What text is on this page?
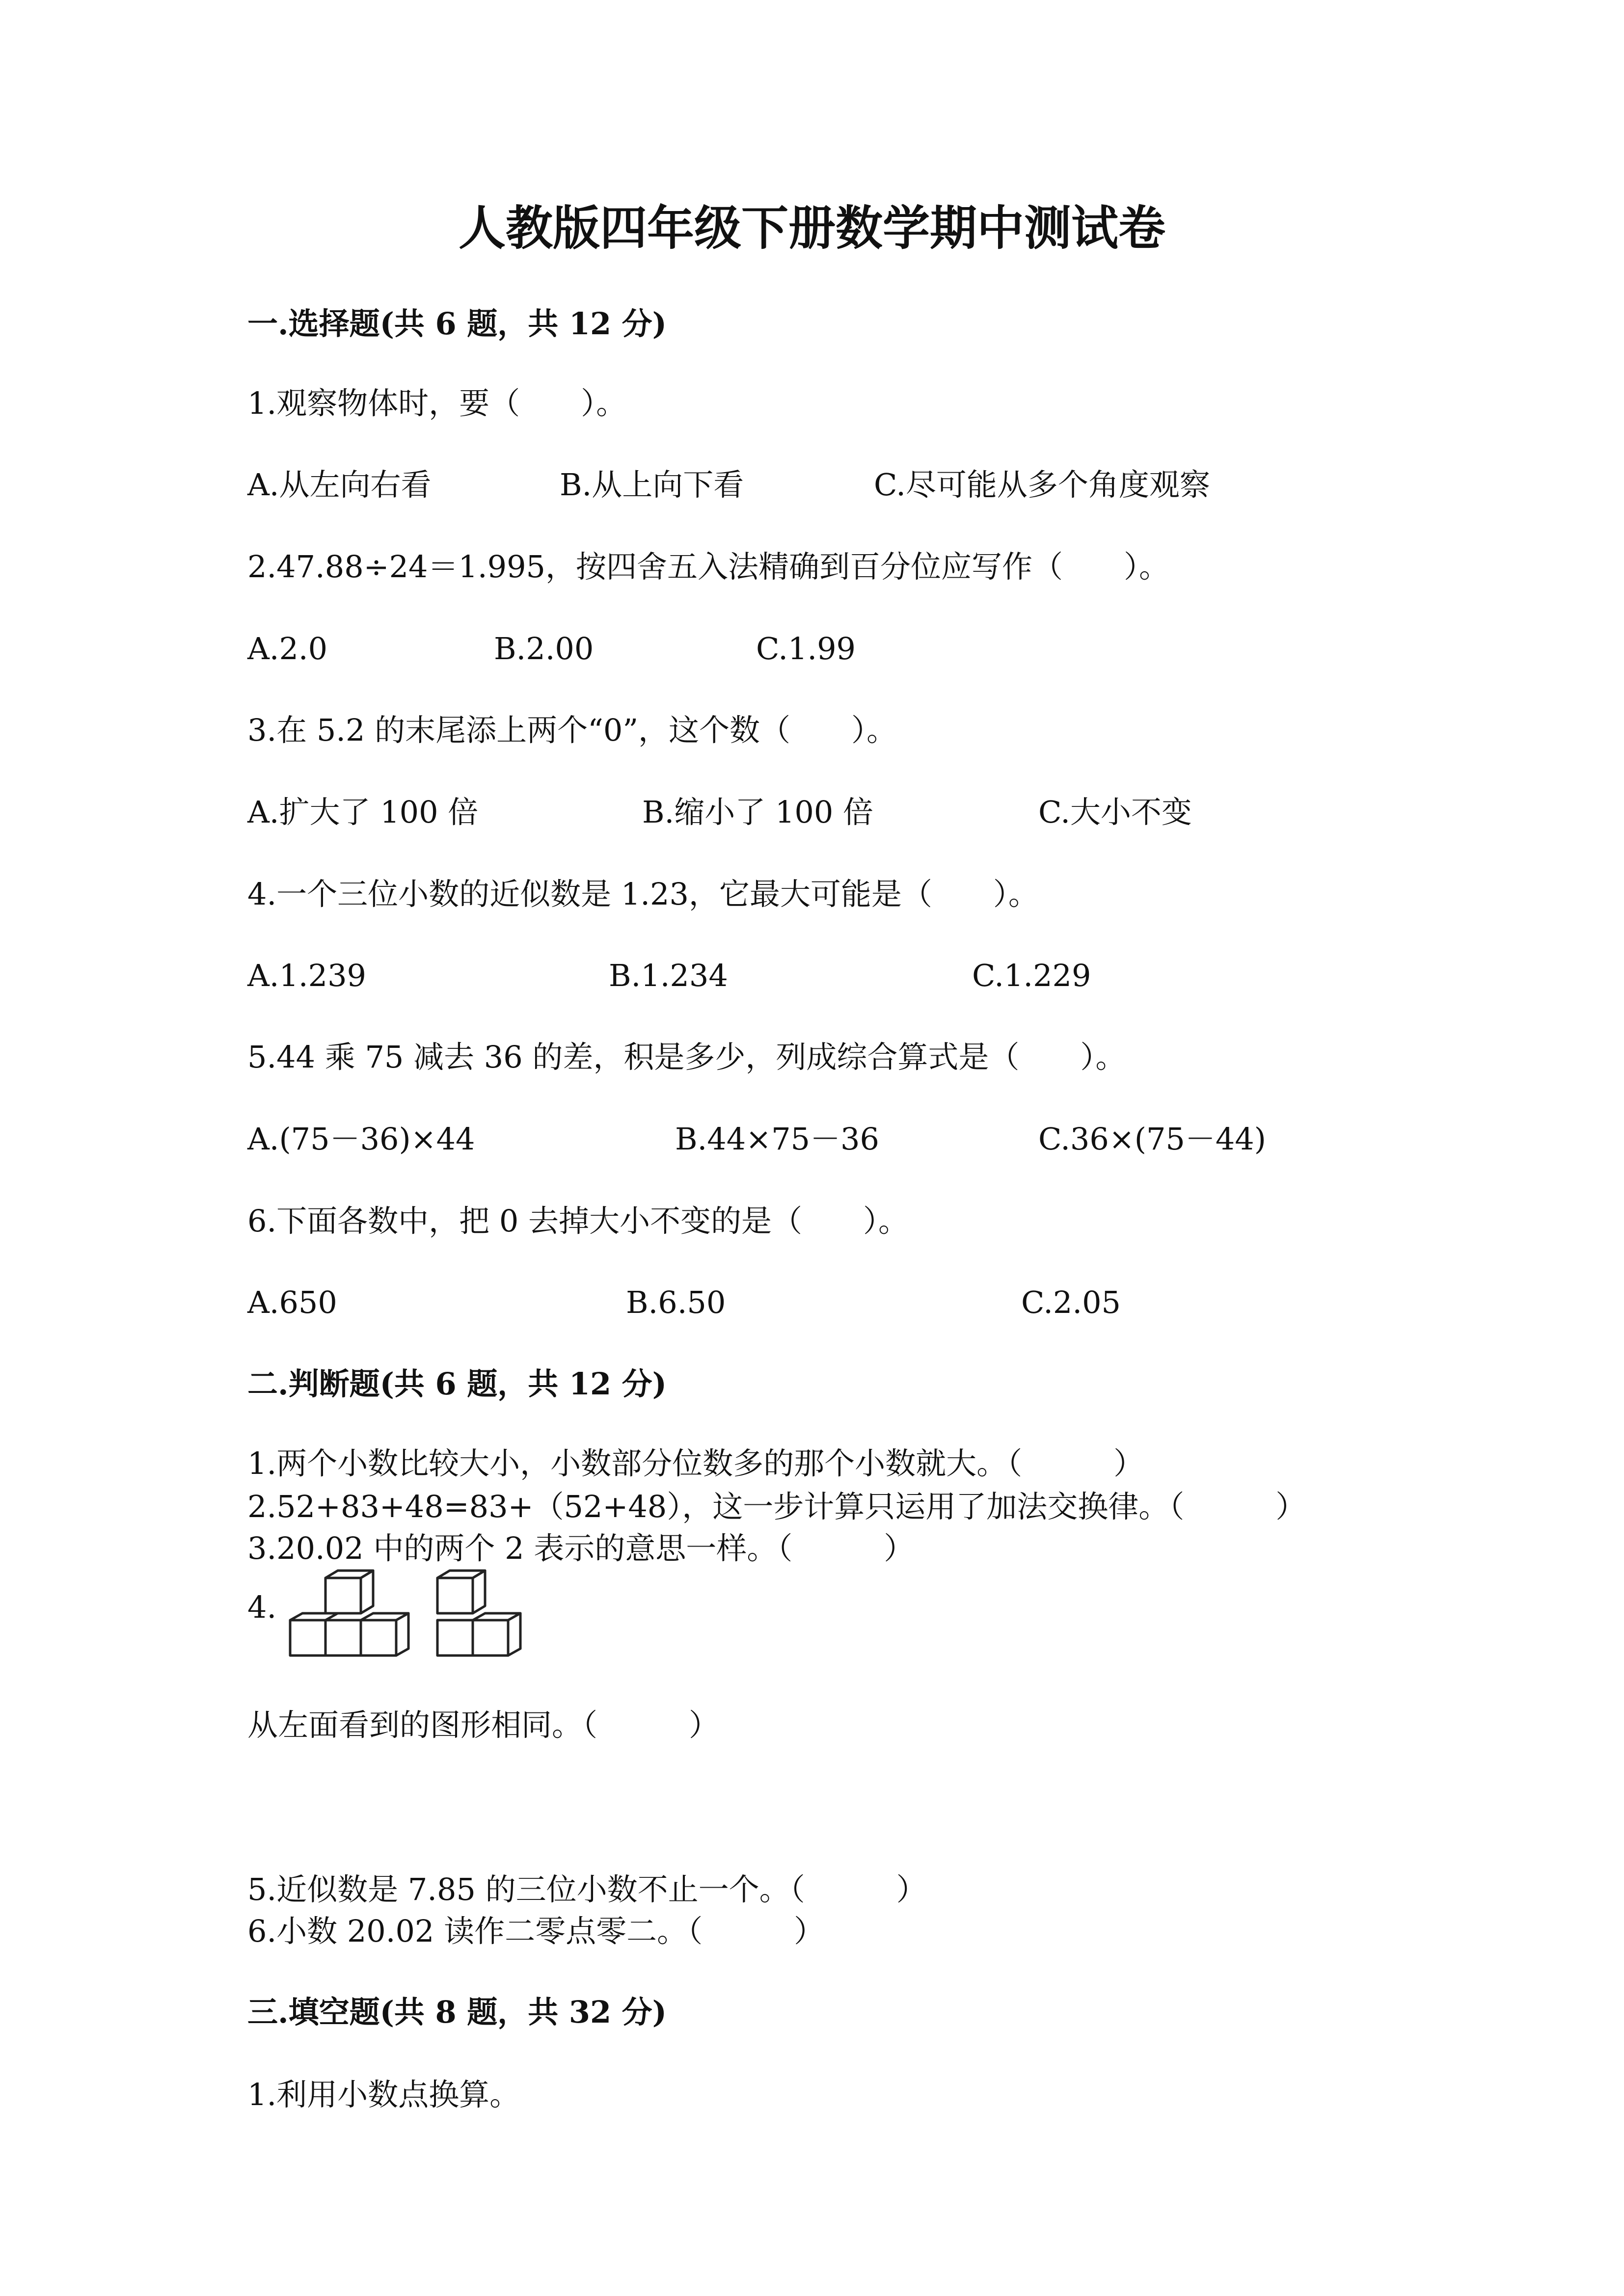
人教版四年级下册数学期中测试卷
一.选择题(共 6 题，共 12 分)
1.观察物体时，要（　　）。
A.从左向右看	B.从上向下看	C.尽可能从多个角度观察
2.47.88÷24＝1.995，按四舍五入法精确到百分位应写作（　　）。
A.2.0	B.2.00	C.1.99
3.在 5.2 的末尾添上两个“0”，这个数（　　）。
A.扩大了 100 倍	B.缩小了 100 倍	C.大小不变
4.一个三位小数的近似数是 1.23，它最大可能是（　　）。
A.1.239	B.1.234	C.1.229
5.44 乘 75 减去 36 的差，积是多少，列成综合算式是（　　）。
A.(75－36)×44	B.44×75－36	C.36×(75－44)
6.下面各数中，把 0 去掉大小不变的是（　　）。
A.650	B.6.50	C.2.05
二.判断题(共 6 题，共 12 分)
1.两个小数比较大小，小数部分位数多的那个小数就大。（　　　）
2.52+83+48=83+（52+48），这一步计算只运用了加法交换律。（　　　）
3.20.02 中的两个 2 表示的意思一样。（　　　）
4.
从左面看到的图形相同。（　　　）
5.近似数是 7.85 的三位小数不止一个。（　　　）
6.小数 20.02 读作二零点零二。（　　　）
三.填空题(共 8 题，共 32 分)
1.利用小数点换算。
